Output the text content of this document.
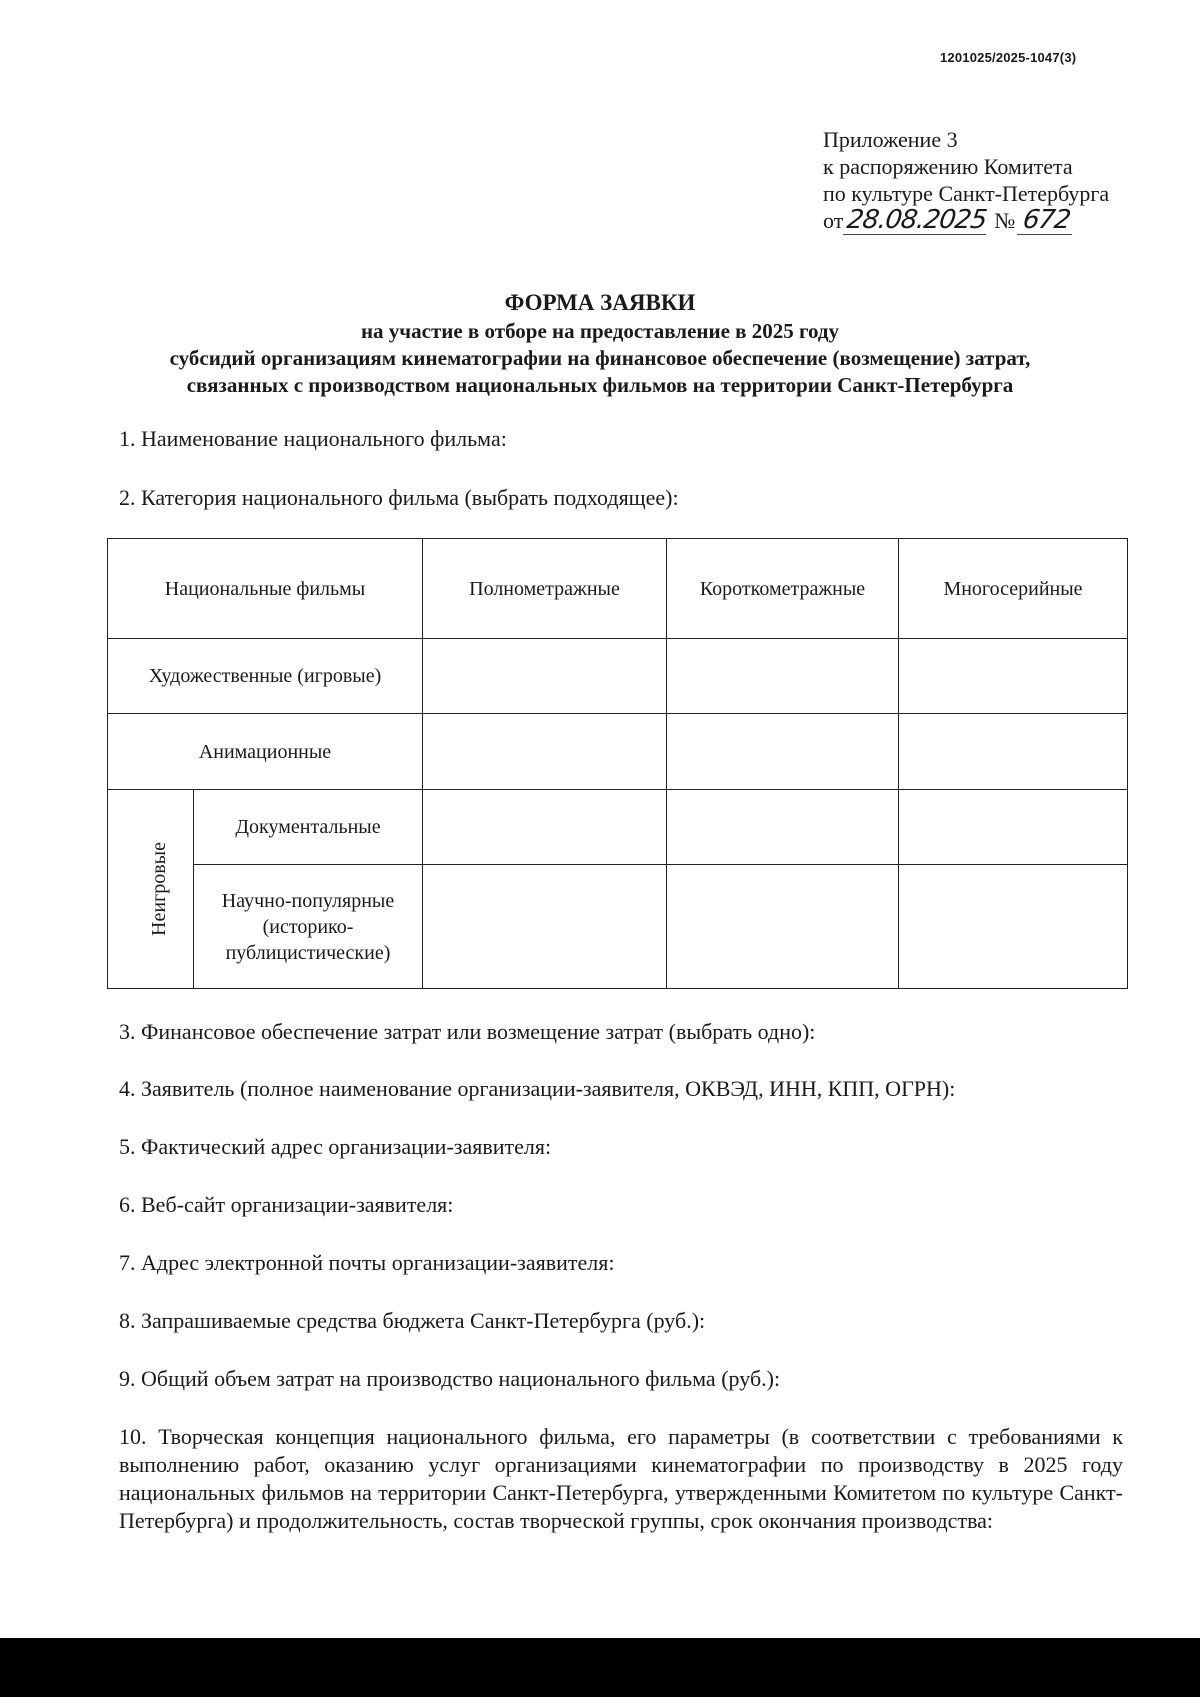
1201025/2025-1047(3)
Приложение 3
к распоряжению Комитета
по культуре Санкт-Петербурга
от 28.08.2025 № 672
ФОРМА ЗАЯВКИ
на участие в отборе на предоставление в 2025 году
субсидий организациям кинематографии на финансовое обеспечение (возмещение) затрат,
связанных с производством национальных фильмов на территории Санкт-Петербурга
1. Наименование национального фильма:
2. Категория национального фильма (выбрать подходящее):
Национальные фильмы		Полнометражные	Короткометражные	Многосерийные
Художественные (игровые)				
Анимационные				
Неигровые	Документальные			
	Научно-популярные (историко-публицистические)			
3. Финансовое обеспечение затрат или возмещение затрат (выбрать одно):
4. Заявитель (полное наименование организации-заявителя, ОКВЭД, ИНН, КПП, ОГРН):
5. Фактический адрес организации-заявителя:
6. Веб-сайт организации-заявителя:
7. Адрес электронной почты организации-заявителя:
8. Запрашиваемые средства бюджета Санкт-Петербурга (руб.):
9. Общий объем затрат на производство национального фильма (руб.):
10. Творческая концепция национального фильма, его параметры (в соответствии с требованиями к выполнению работ, оказанию услуг организациями кинематографии по производству в 2025 году национальных фильмов на территории Санкт-Петербурга, утвержденными Комитетом по культуре Санкт-Петербурга) и продолжительность, состав творческой группы, срок окончания производства:
